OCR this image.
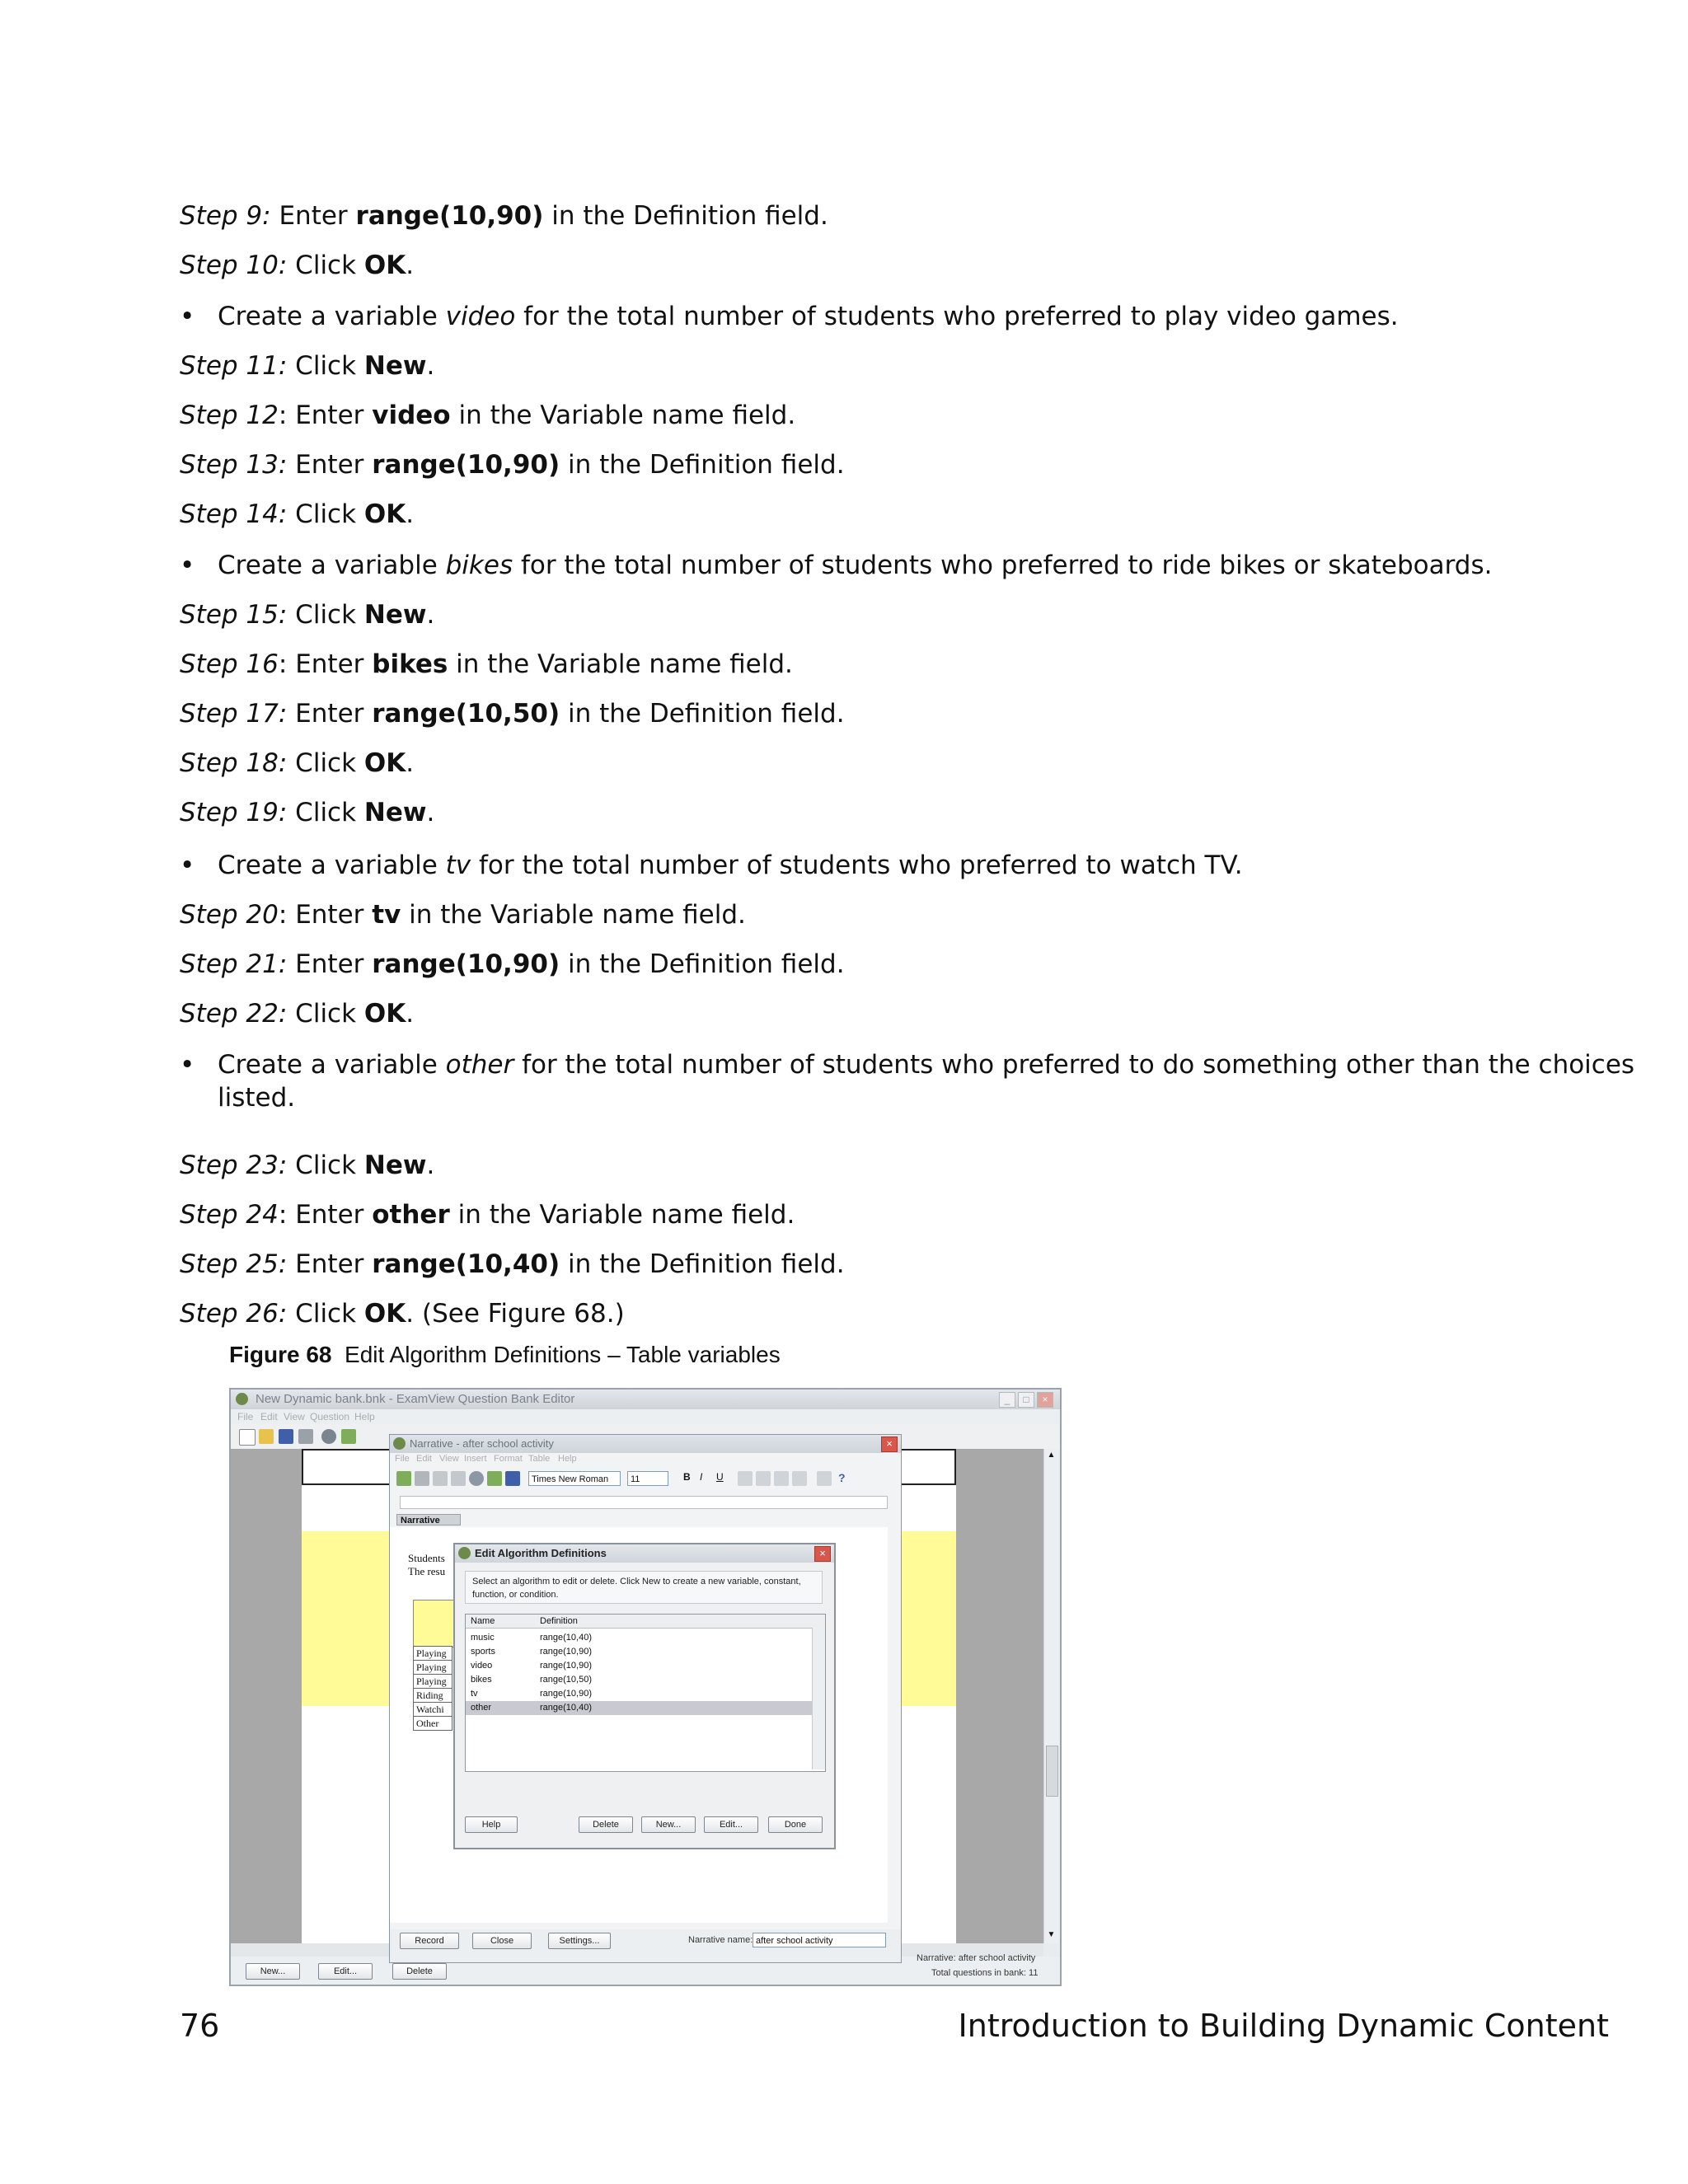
Step 9: Enter range(10,90) in the Definition field.
Step 10: Click OK.
• Create a variable video for the total number of students who preferred to play video games.
Step 11: Click New.
Step 12: Enter video in the Variable name field.
Step 13: Enter range(10,90) in the Definition field.
Step 14: Click OK.
• Create a variable bikes for the total number of students who preferred to ride bikes or skateboards.
Step 15: Click New.
Step 16: Enter bikes in the Variable name field.
Step 17: Enter range(10,50) in the Definition field.
Step 18: Click OK.
Step 19: Click New.
• Create a variable tv for the total number of students who preferred to watch TV.
Step 20: Enter tv in the Variable name field.
Step 21: Enter range(10,90) in the Definition field.
Step 22: Click OK.
• Create a variable other for the total number of students who preferred to do something other than the choices
listed.
Step 23: Click New.
Step 24: Enter other in the Variable name field.
Step 25: Enter range(10,40) in the Definition field.
Step 26: Click OK. (See Figure 68.)
Figure 68 Edit Algorithm Definitions – Table variables
New Dynamic bank.bnk - ExamView Question Bank Editor	_	□	×
File Edit View Question Help
▲
▼
New...	Edit...	Delete
Narrative: after school activity
Total questions in bank: 11
Narrative - after school activity	×
File Edit View Insert Format Table Help
Times New Roman	11	B I	U	?
Narrative
Students
The resu
Playing
Playing
Playing
Riding
Watchi
Other
Record	Close	Settings...	Narrative name: after school activity
Edit Algorithm Definitions	×
Select an algorithm to edit or delete. Click New to create a new variable, constant, function, or condition.
Name	Definition
music	range(10,40)
sports	range(10,90)
video	range(10,90)
bikes	range(10,50)
tv	range(10,90)
other	range(10,40)
Help	Delete	New...	Edit...	Done
76	Introduction to Building Dynamic Content
